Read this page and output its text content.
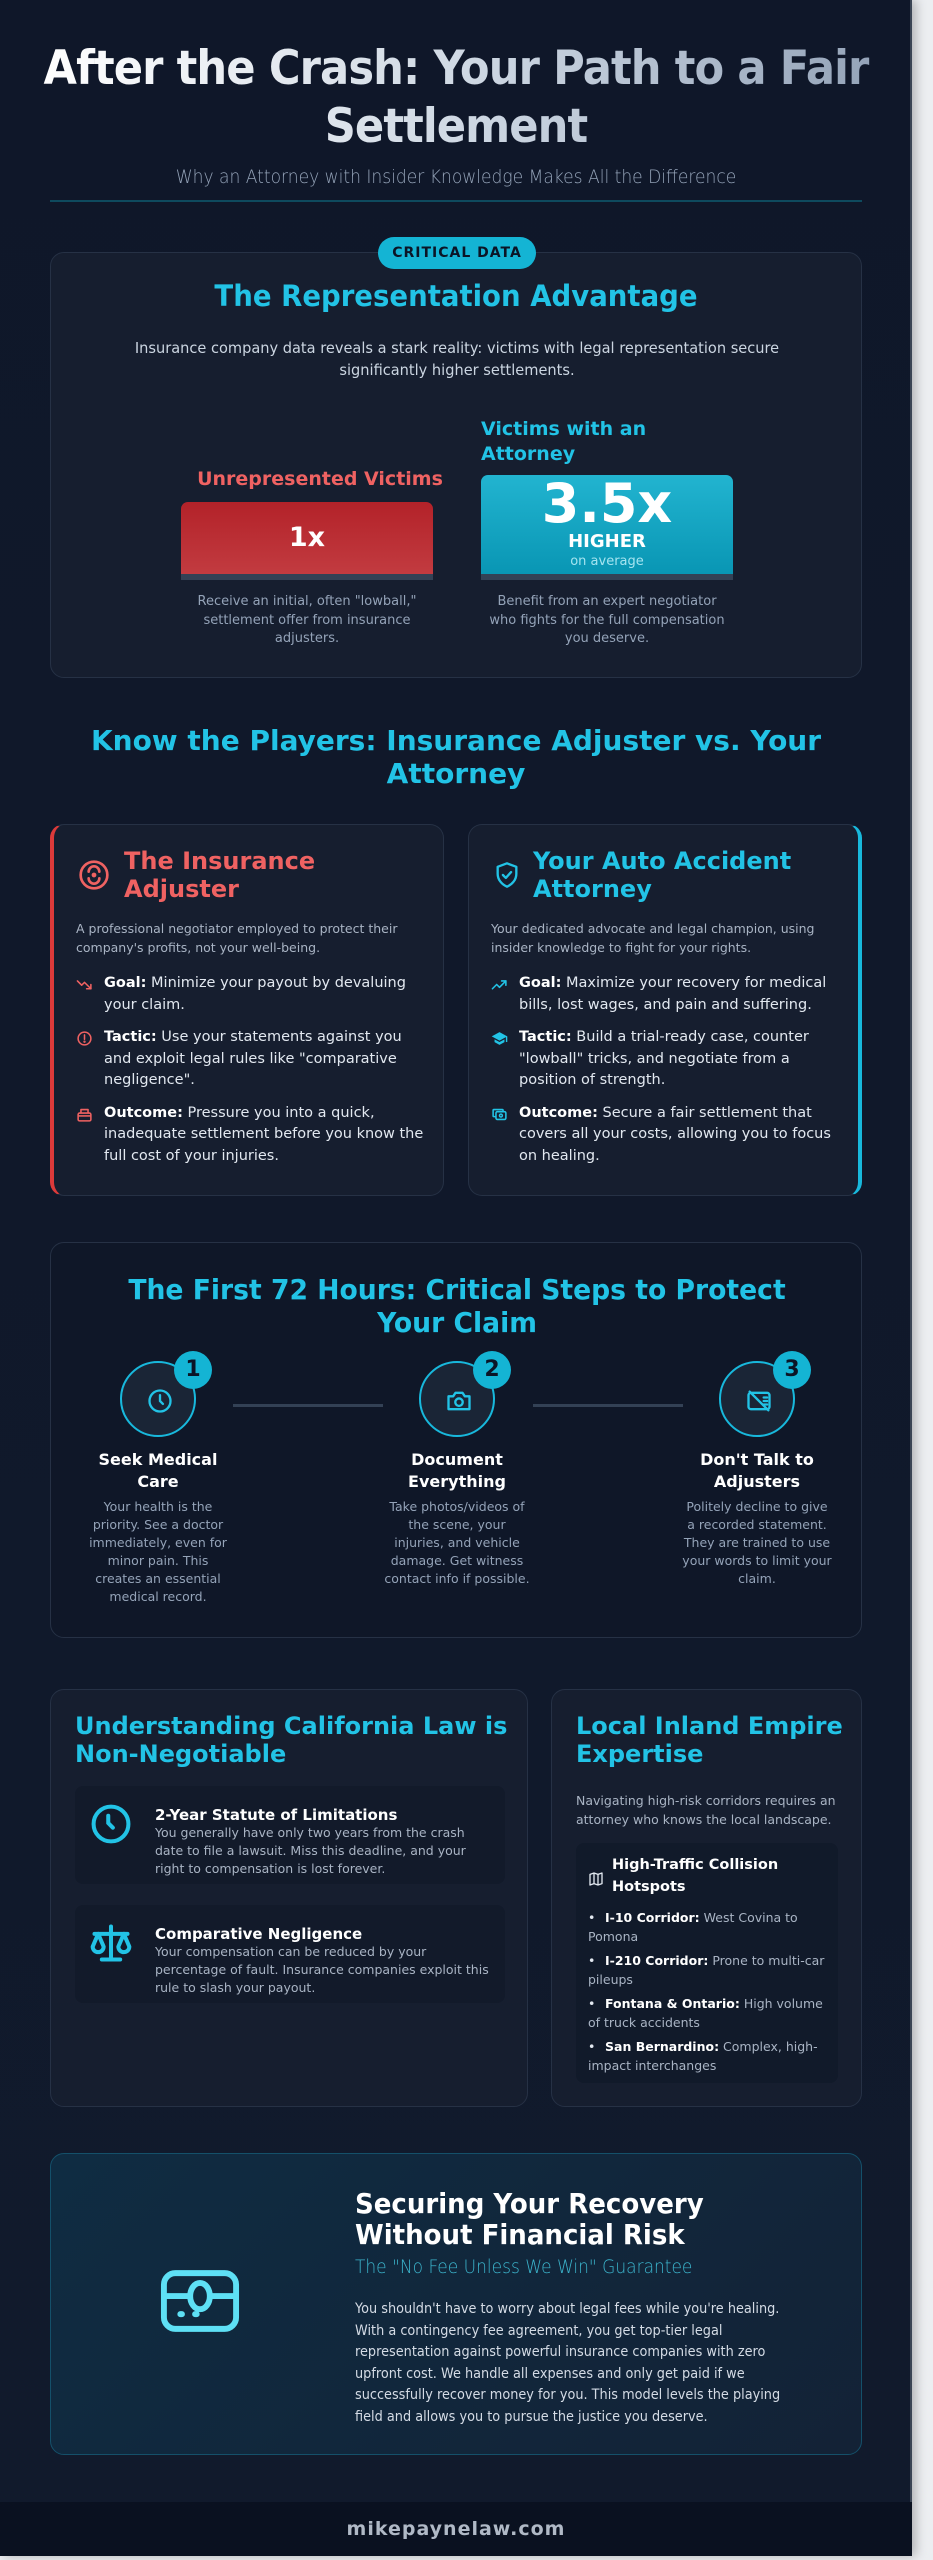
After the Crash: Your Path to a Fair Settlement
Why an Attorney with Insider Knowledge Makes All the Difference
The Representation Advantage
Insurance company data reveals a stark reality: victims with legal representation secure significantly higher settlements.
Unrepresented Victims
1x
Receive an initial, often "lowball," settlement offer from insurance adjusters.
Victims with an Attorney
3.5x
HIGHER
on average
Benefit from an expert negotiator who fights for the full compensation you deserve.
CRITICAL DATA
Know the Players: Insurance Adjuster vs. Your Attorney
The Insurance Adjuster
A professional negotiator employed to protect their company's profits, not your well-being.
Goal: Minimize your payout by devaluing your claim.
Tactic: Use your statements against you and exploit legal rules like "comparative negligence".
Outcome: Pressure you into a quick, inadequate settlement before you know the full cost of your injuries.
Your Auto Accident Attorney
Your dedicated advocate and legal champion, using insider knowledge to fight for your rights.
Goal: Maximize your recovery for medical bills, lost wages, and pain and suffering.
Tactic: Build a trial-ready case, counter "lowball" tricks, and negotiate from a position of strength.
Outcome: Secure a fair settlement that covers all your costs, allowing you to focus on healing.
The First 72 Hours: Critical Steps to Protect Your Claim
1
Seek Medical Care

Your health is the priority. See a doctor immediately, even for minor pain. This creates an essential medical record.

2
Document Everything

Take photos/videos of the scene, your injuries, and vehicle damage. Get witness contact info if possible.

3
Don't Talk to Adjusters

Politely decline to give a recorded statement. They are trained to use your words to limit your claim.

Understanding California Law is Non-Negotiable
2-Year Statute of Limitations

You generally have only two years from the crash date to file a lawsuit. Miss this deadline, and your right to compensation is lost forever.

Comparative Negligence

Your compensation can be reduced by your percentage of fault. Insurance companies exploit this rule to slash your payout.

Local Inland Empire Expertise
Navigating high-risk corridors requires an attorney who knows the local landscape.
High-Traffic Collision Hotspots
• I-10 Corridor: West Covina to Pomona
• I-210 Corridor: Prone to multi-car pileups
• Fontana & Ontario: High volume of truck accidents
• San Bernardino: Complex, high-impact interchanges
Securing Your Recovery Without Financial Risk
The "No Fee Unless We Win" Guarantee

You shouldn't have to worry about legal fees while you're healing. With a contingency fee agreement, you get top-tier legal representation against powerful insurance companies with zero upfront cost. We handle all expenses and only get paid if we successfully recover money for you. This model levels the playing field and allows you to pursue the justice you deserve.

mikepaynelaw.com
